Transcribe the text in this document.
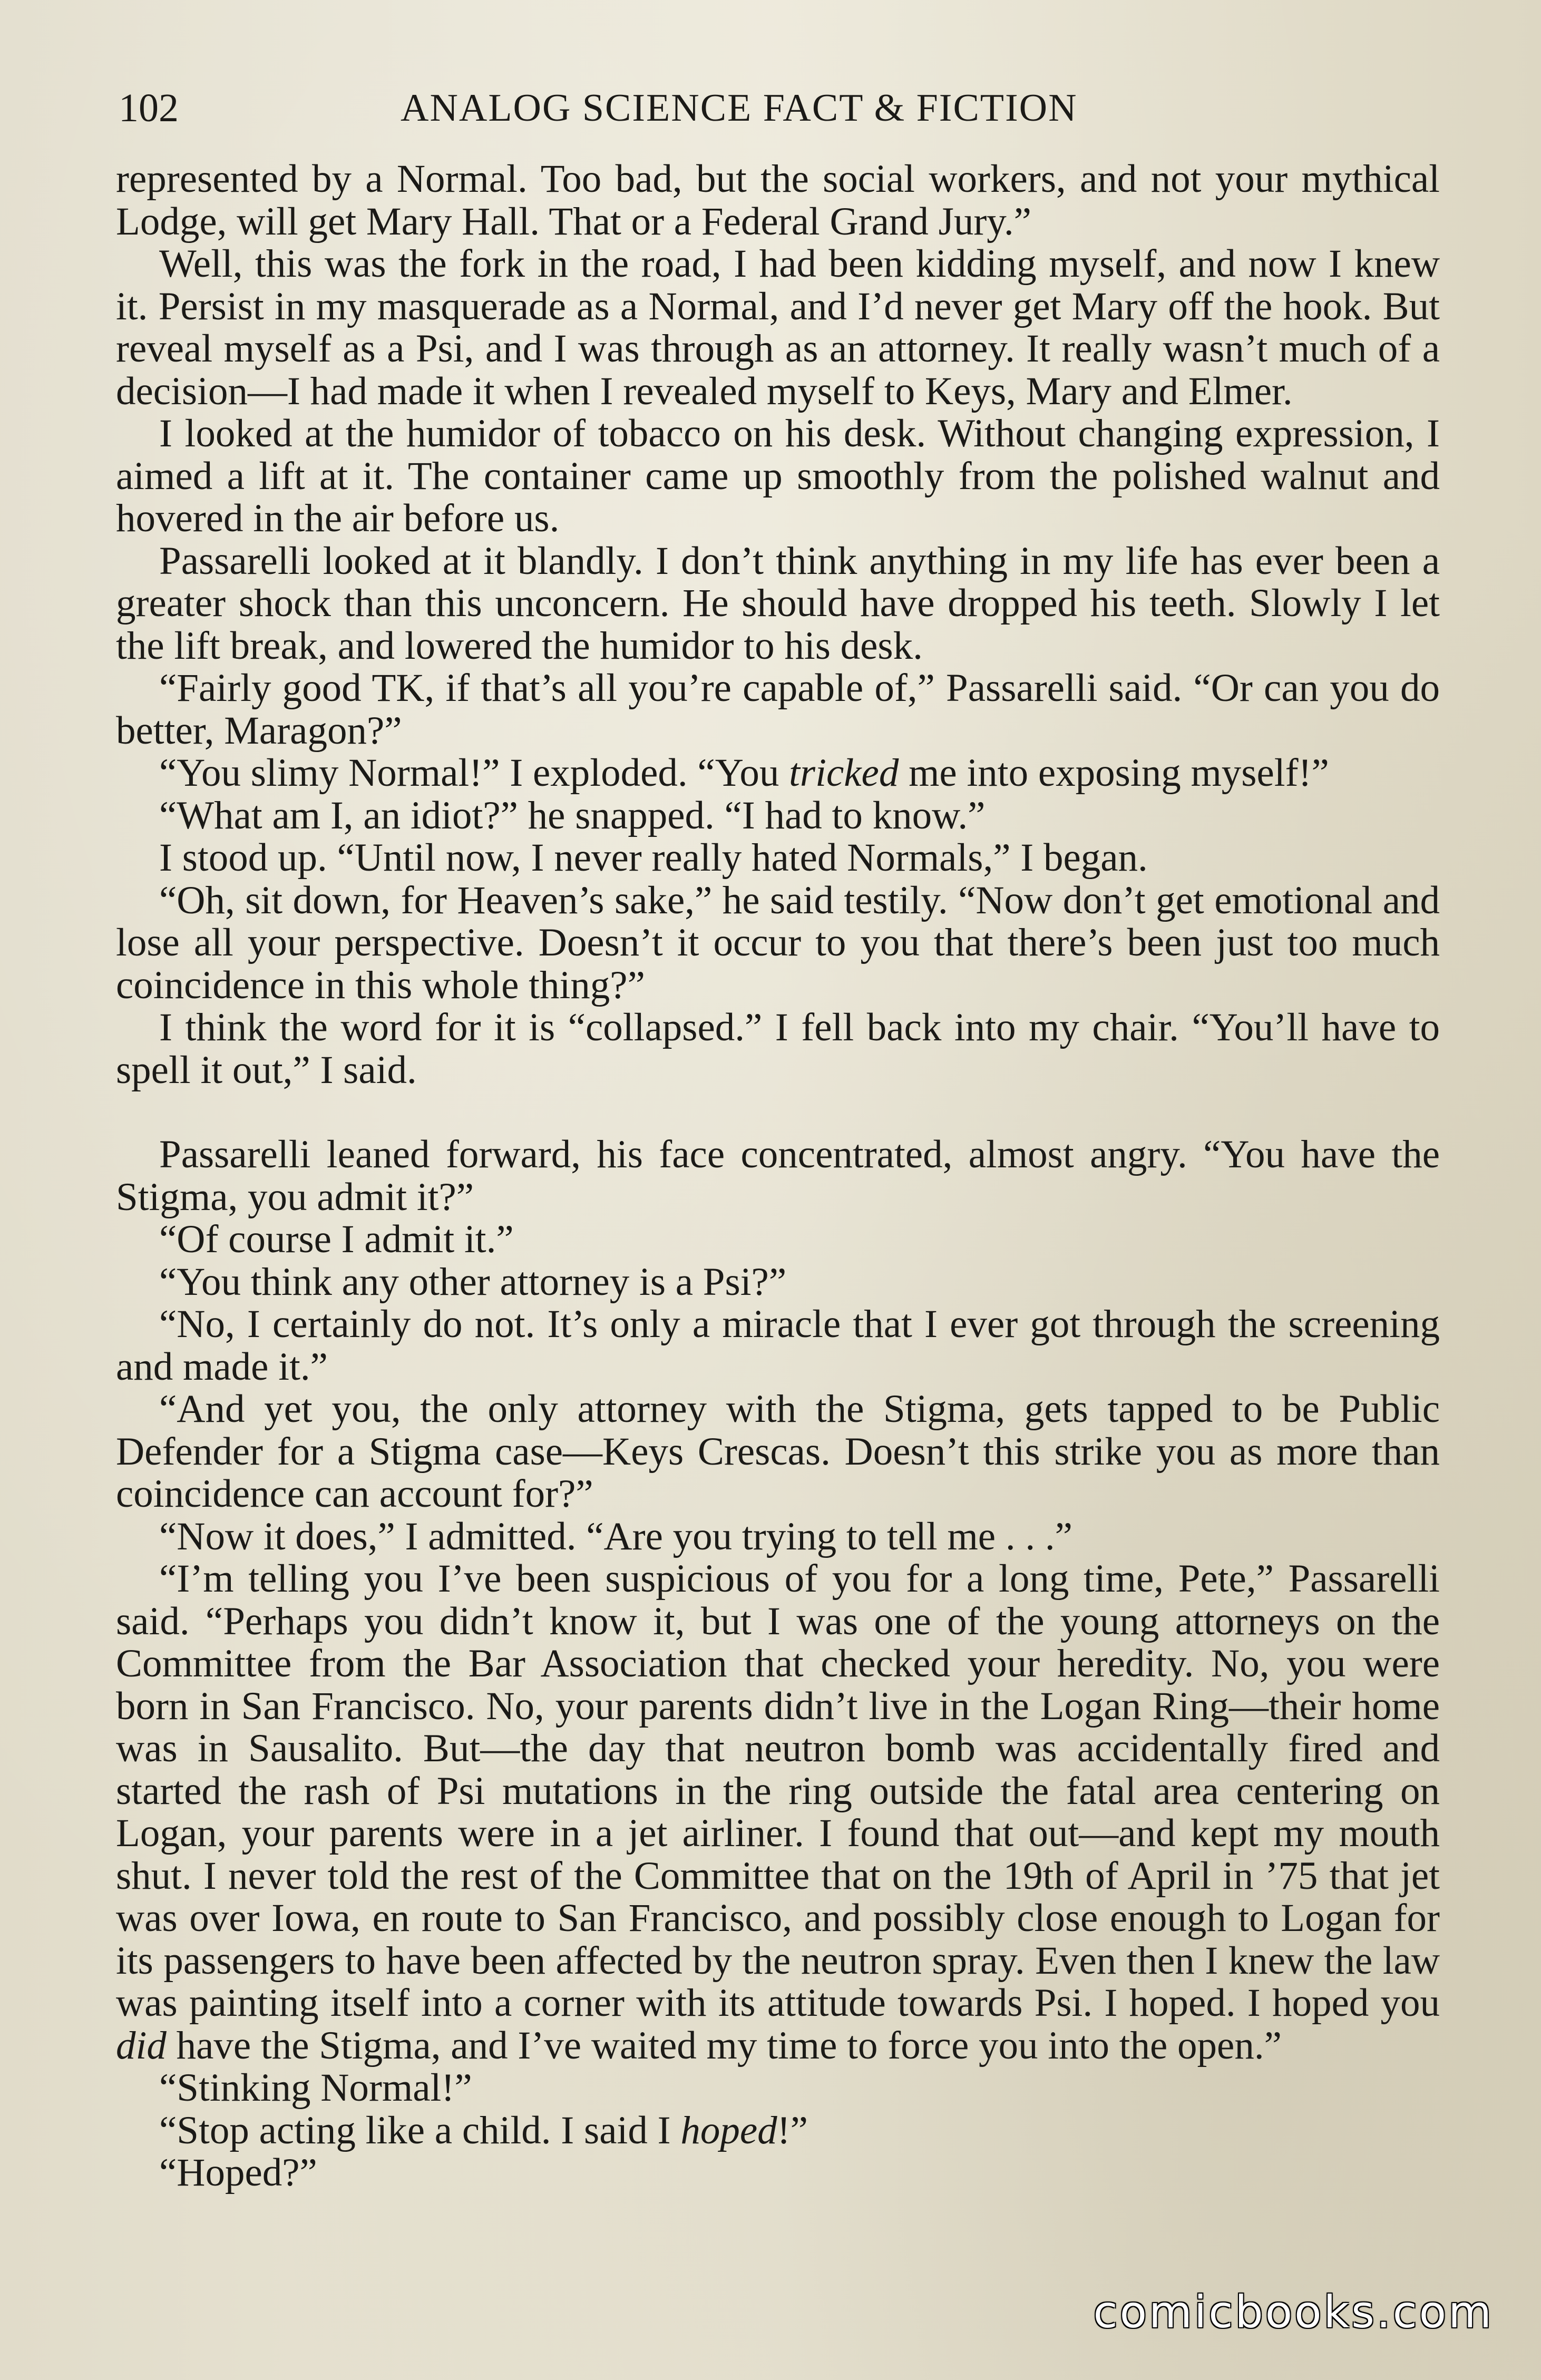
102	ANALOG SCIENCE FACT & FICTION

represented by a Normal. Too bad, but the social workers, and not your mythical Lodge, will get Mary Hall. That or a Federal Grand Jury.”

Well, this was the fork in the road, I had been kidding myself, and now I knew it. Persist in my masquerade as a Normal, and I’d never get Mary off the hook. But reveal myself as a Psi, and I was through as an attorney. It really wasn’t much of a decision—I had made it when I revealed myself to Keys, Mary and Elmer.

I looked at the humidor of tobacco on his desk. Without changing expression, I aimed a lift at it. The container came up smoothly from the polished walnut and hovered in the air before us.

Passarelli looked at it blandly. I don’t think anything in my life has ever been a greater shock than this unconcern. He should have dropped his teeth. Slowly I let the lift break, and lowered the humidor to his desk.

“Fairly good TK, if that’s all you’re capable of,” Passarelli said. “Or can you do better, Maragon?”

“You slimy Normal!” I exploded. “You tricked me into exposing myself!”

“What am I, an idiot?” he snapped. “I had to know.”

I stood up. “Until now, I never really hated Normals,” I began.

“Oh, sit down, for Heaven’s sake,” he said testily. “Now don’t get emotional and lose all your perspective. Doesn’t it occur to you that there’s been just too much coincidence in this whole thing?”

I think the word for it is “collapsed.” I fell back into my chair. “You’ll have to spell it out,” I said.

Passarelli leaned forward, his face concentrated, almost angry. “You have the Stigma, you admit it?”

“Of course I admit it.”

“You think any other attorney is a Psi?”

“No, I certainly do not. It’s only a miracle that I ever got through the screening and made it.”

“And yet you, the only attorney with the Stigma, gets tapped to be Public Defender for a Stigma case—Keys Crescas. Doesn’t this strike you as more than coincidence can account for?”

“Now it does,” I admitted. “Are you trying to tell me . . .”

“I’m telling you I’ve been suspicious of you for a long time, Pete,” Passarelli said. “Perhaps you didn’t know it, but I was one of the young attorneys on the Committee from the Bar Association that checked your heredity. No, you were born in San Francisco. No, your parents didn’t live in the Logan Ring—their home was in Sausalito. But—the day that neutron bomb was accidentally fired and started the rash of Psi mutations in the ring outside the fatal area centering on Logan, your parents were in a jet airliner. I found that out—and kept my mouth shut. I never told the rest of the Committee that on the 19th of April in ’75 that jet was over Iowa, en route to San Francisco, and possibly close enough to Logan for its passengers to have been affected by the neutron spray. Even then I knew the law was painting itself into a corner with its attitude towards Psi. I hoped. I hoped you did have the Stigma, and I’ve waited my time to force you into the open.”

“Stinking Normal!”

“Stop acting like a child. I said I hoped!”

“Hoped?”

comicbooks.com
